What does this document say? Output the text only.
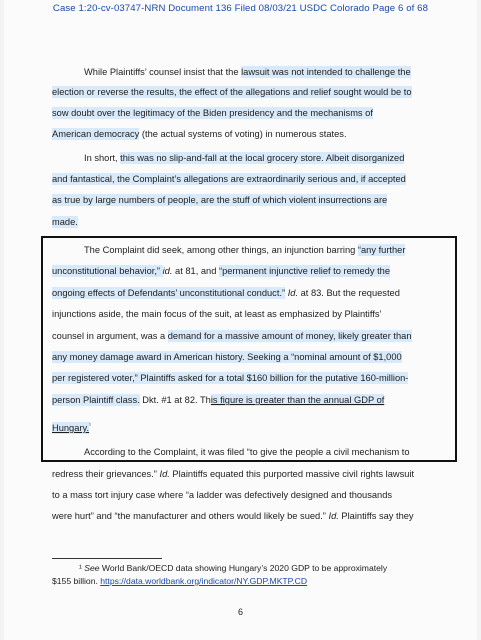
Case 1:20-cv-03747-NRN Document 136 Filed 08/03/21 USDC Colorado Page 6 of 68
While Plaintiffs’ counsel insist that the lawsuit was not intended to challenge the
election or reverse the results, the effect of the allegations and relief sought would be to
sow doubt over the legitimacy of the Biden presidency and the mechanisms of
American democracy (the actual systems of voting) in numerous states.
In short, this was no slip-and-fall at the local grocery store. Albeit disorganized
and fantastical, the Complaint’s allegations are extraordinarily serious and, if accepted
as true by large numbers of people, are the stuff of which violent insurrections are
made.
The Complaint did seek, among other things, an injunction barring “any further
unconstitutional behavior,” id. at 81, and “permanent injunctive relief to remedy the
ongoing effects of Defendants’ unconstitutional conduct.” Id. at 83. But the requested
injunctions aside, the main focus of the suit, at least as emphasized by Plaintiffs’
counsel in argument, was a demand for a massive amount of money, likely greater than
any money damage award in American history. Seeking a “nominal amount of $1,000
per registered voter,” Plaintiffs asked for a total $160 billion for the putative 160-million-
person Plaintiff class. Dkt. #1 at 82. This figure is greater than the annual GDP of
Hungary.$^{^1}$
According to the Complaint, it was filed “to give the people a civil mechanism to
redress their grievances.” Id. Plaintiffs equated this purported massive civil rights lawsuit
to a mass tort injury case where “a ladder was defectively designed and thousands
were hurt” and “the manufacturer and others would likely be sued.” Id. Plaintiffs say they
¹ See World Bank/OECD data showing Hungary’s 2020 GDP to be approximately
$155 billion. https://data.worldbank.org/indicator/NY.GDP.MKTP.CD
6
